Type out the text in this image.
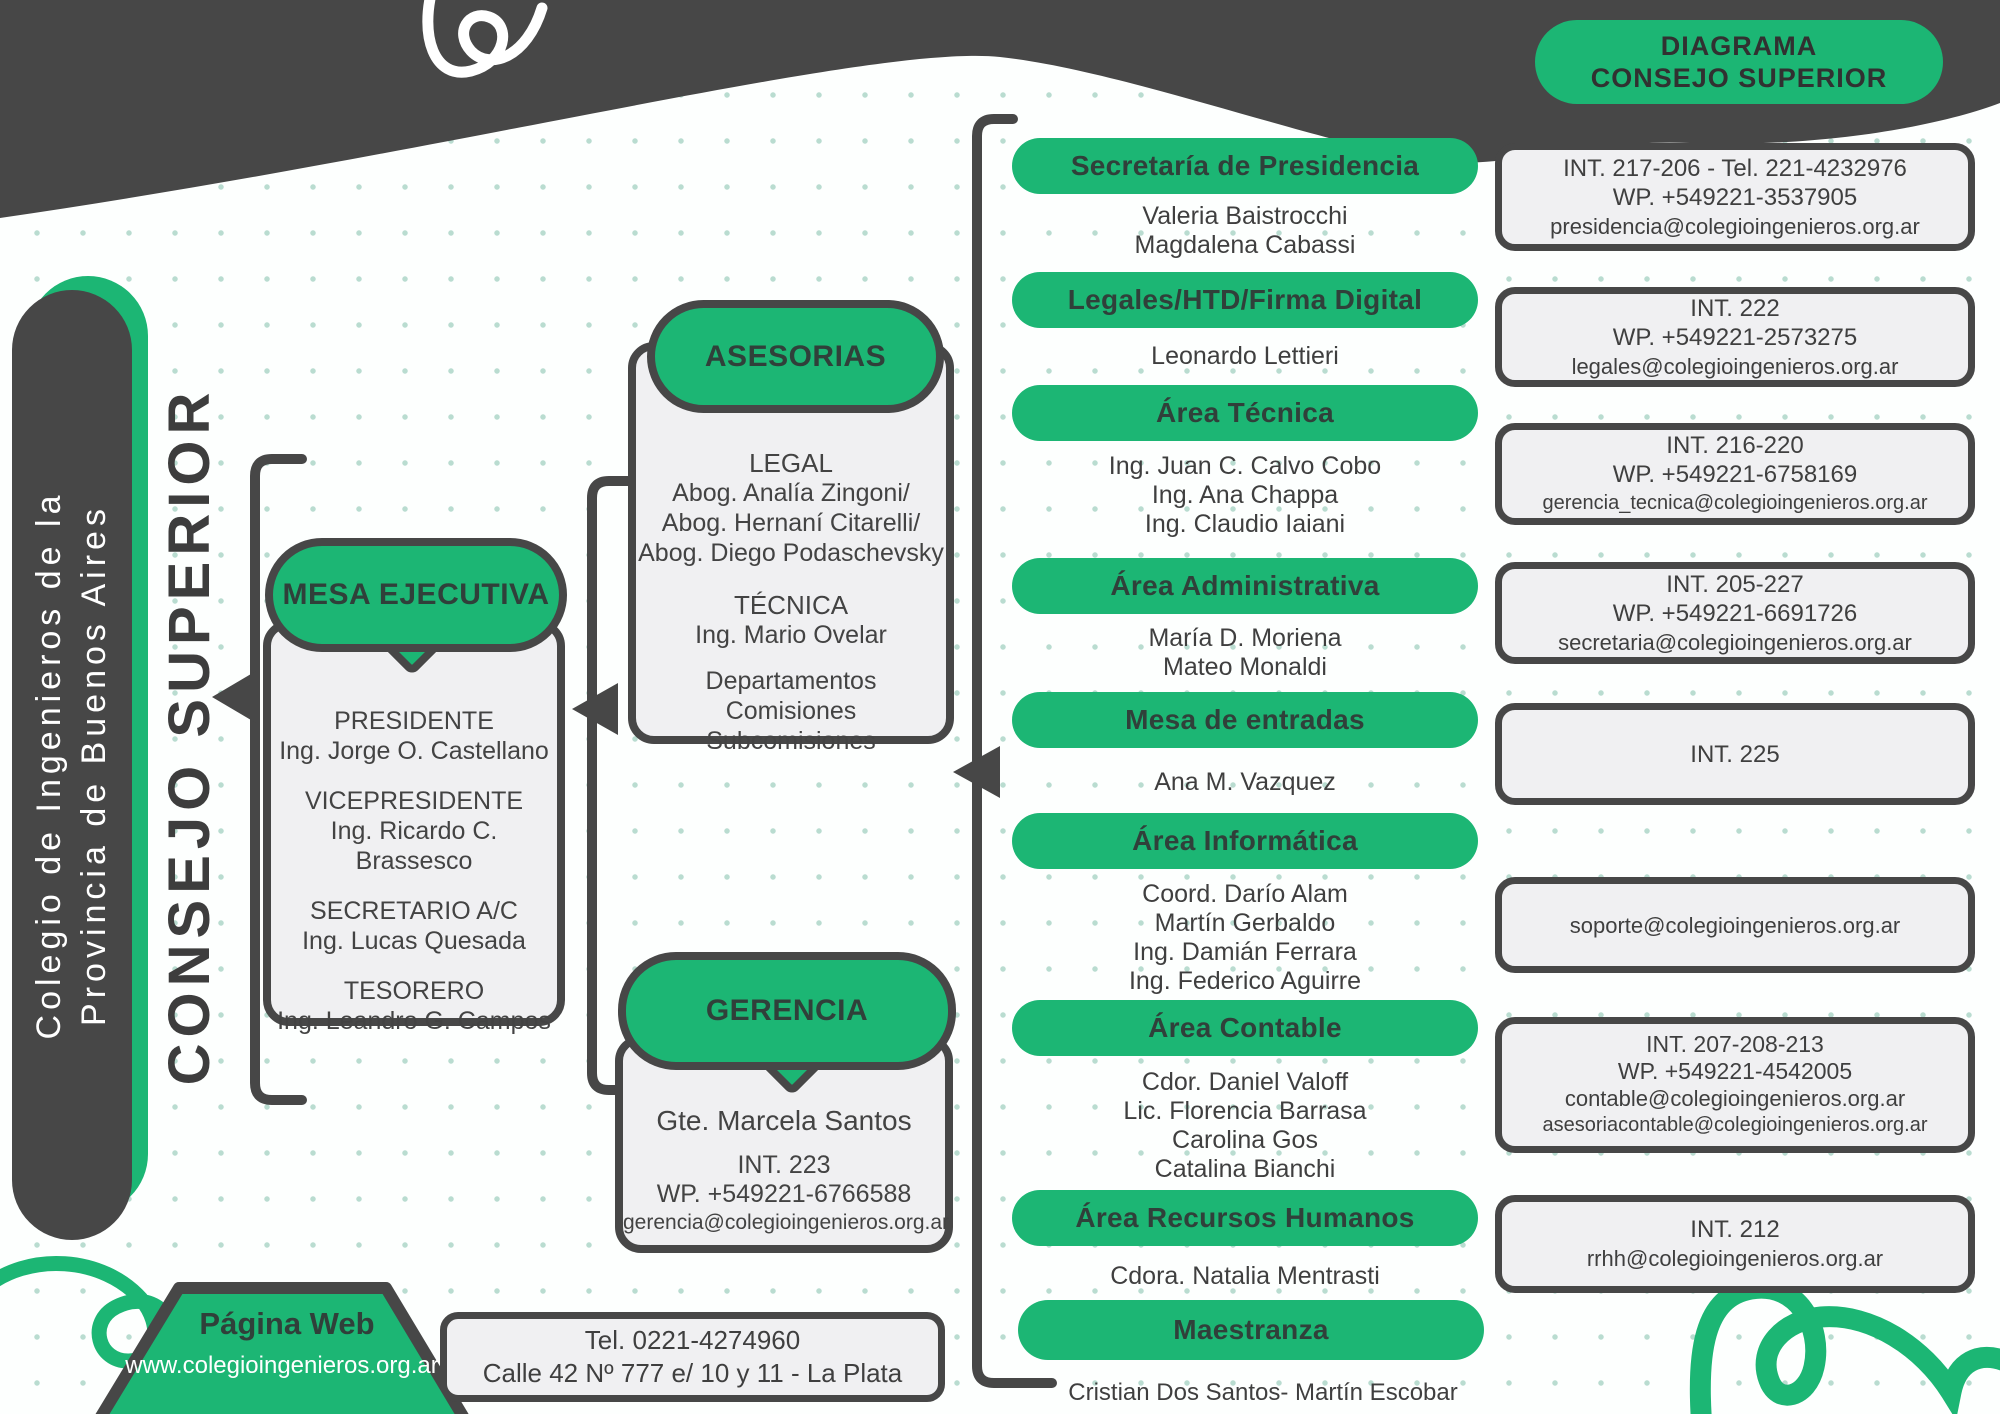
DIAGRAMA
CONSEJO SUPERIOR
Colegio de Ingenieros de la Provincia de Buenos Aires CONSEJO SUPERIOR	PRESIDENTE
Ing. Jorge O. Castellano
VICEPRESIDENTE
Ing. Ricardo C. Brassesco
SECRETARIO A/C
Ing. Lucas Quesada
TESORERO
Ing. Leandro G. Campos
MESA EJECUTIVA
LEGAL
Abog. Analía Zingoni/
Abog. Hernaní Citarelli/
Abog. Diego Podaschevsky
TÉCNICA
Ing. Mario Ovelar
Departamentos
Comisiones
Subcomisiones
ASESORIAS
Gte. Marcela Santos
INT. 223
WP. +549221-6766588
gerencia@colegioingenieros.org.ar
GERENCIA
Secretaría de Presidencia
Valeria Baistrocchi
Magdalena Cabassi
Legales/HTD/Firma Digital
Leonardo Lettieri
Área Técnica
Ing. Juan C. Calvo Cobo
Ing. Ana Chappa
Ing. Claudio Iaiani
Área Administrativa
María D. Moriena
Mateo Monaldi
Mesa de entradas
Ana M. Vazquez
Área Informática
Coord. Darío Alam
Martín Gerbaldo
Ing. Damián Ferrara
Ing. Federico Aguirre
Área Contable
Cdor. Daniel Valoff
Lic. Florencia Barrasa
Carolina Gos
Catalina Bianchi
Área Recursos Humanos
Cdora. Natalia Mentrasti
Maestranza
Cristian Dos Santos- Martín Escobar
INT. 217-206 - Tel. 221-4232976
WP. +549221-3537905
presidencia@colegioingenieros.org.ar
INT. 222
WP. +549221-2573275
legales@colegioingenieros.org.ar
INT. 216-220
WP. +549221-6758169
gerencia_tecnica@colegioingenieros.org.ar
INT. 205-227
WP. +549221-6691726
secretaria@colegioingenieros.org.ar
INT. 225
soporte@colegioingenieros.org.ar
INT. 207-208-213
WP. +549221-4542005
contable@colegioingenieros.org.ar
asesoriacontable@colegioingenieros.org.ar
INT. 212
rrhh@colegioingenieros.org.ar
Página Web
www.colegioingenieros.org.ar
Tel. 0221-4274960
Calle 42 Nº 777 e/ 10 y 11 - La Plata
